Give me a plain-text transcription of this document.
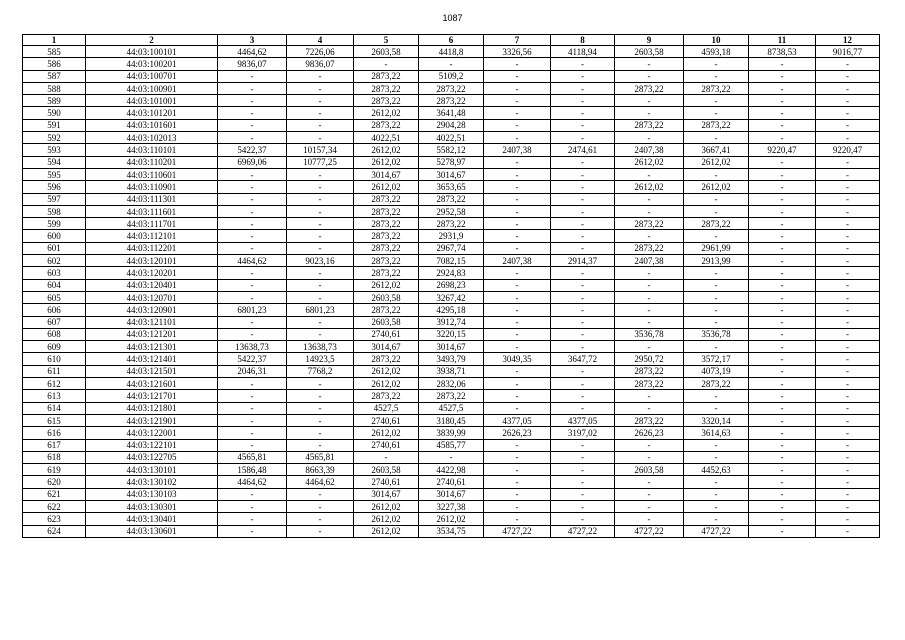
1087
1	2	3	4	5	6	7	8	9	10	11	12
585	44:03:100101	4464,62	7226,06	2603,58	4418,8	3326,56	4118,94	2603,58	4593,18	8738,53	9016,77
586	44:03:100201	9836,07	9836,07	-	-	-	-	-	-	-	-
587	44:03:100701	-	-	2873,22	5109,2	-	-	-	-	-	-
588	44:03:100901	-	-	2873,22	2873,22	-	-	2873,22	2873,22	-	-
589	44:03:101001	-	-	2873,22	2873,22	-	-	-	-	-	-
590	44:03:101201	-	-	2612,02	3641,48	-	-	-	-	-	-
591	44:03:101601	-	-	2873,22	2904,28	-	-	2873,22	2873,22	-	-
592	44:03:102013	-	-	4022,51	4022,51	-	-	-	-	-	-
593	44:03:110101	5422,37	10157,34	2612,02	5582,12	2407,38	2474,61	2407,38	3667,41	9220,47	9220,47
594	44:03:110201	6969,06	10777,25	2612,02	5278,97	-	-	2612,02	2612,02	-	-
595	44:03:110601	-	-	3014,67	3014,67	-	-	-	-	-	-
596	44:03:110901	-	-	2612,02	3653,65	-	-	2612,02	2612,02	-	-
597	44:03:111301	-	-	2873,22	2873,22	-	-	-	-	-	-
598	44:03:111601	-	-	2873,22	2952,58	-	-	-	-	-	-
599	44:03:111701	-	-	2873,22	2873,22	-	-	2873,22	2873,22	-	-
600	44:03:112101	-	-	2873,22	2931,9	-	-	-	-	-	-
601	44:03:112201	-	-	2873,22	2967,74	-	-	2873,22	2961,99	-	-
602	44:03:120101	4464,62	9023,16	2873,22	7082,15	2407,38	2914,37	2407,38	2913,99	-	-
603	44:03:120201	-	-	2873,22	2924,83	-	-	-	-	-	-
604	44:03:120401	-	-	2612,02	2698,23	-	-	-	-	-	-
605	44:03:120701	-	-	2603,58	3267,42	-	-	-	-	-	-
606	44:03:120901	6801,23	6801,23	2873,22	4295,18	-	-	-	-	-	-
607	44:03:121101	-	-	2603,58	3912,74	-	-	-	-	-	-
608	44:03:121201	-	-	2740,61	3220,15	-	-	3536,78	3536,78	-	-
609	44:03:121301	13638,73	13638,73	3014,67	3014,67	-	-	-	-	-	-
610	44:03:121401	5422,37	14923,5	2873,22	3493,79	3049,35	3647,72	2950,72	3572,17	-	-
611	44:03:121501	2046,31	7768,2	2612,02	3938,71	-	-	2873,22	4073,19	-	-
612	44:03:121601	-	-	2612,02	2832,06	-	-	2873,22	2873,22	-	-
613	44:03:121701	-	-	2873,22	2873,22	-	-	-	-	-	-
614	44:03:121801	-	-	4527,5	4527,5	-	-	-	-	-	-
615	44:03:121901	-	-	2740,61	3180,45	4377,05	4377,05	2873,22	3320,14	-	-
616	44:03:122001	-	-	2612,02	3839,99	2626,23	3197,02	2626,23	3614,63	-	-
617	44:03:122101	-	-	2740,61	4585,77	-	-	-	-	-	-
618	44:03:122705	4565,81	4565,81	-	-	-	-	-	-	-	-
619	44:03:130101	1586,48	8663,39	2603,58	4422,98	-	-	2603,58	4452,63	-	-
620	44:03:130102	4464,62	4464,62	2740,61	2740,61	-	-	-	-	-	-
621	44:03:130103	-	-	3014,67	3014,67	-	-	-	-	-	-
622	44:03:130301	-	-	2612,02	3227,38	-	-	-	-	-	-
623	44:03:130401	-	-	2612,02	2612,02	-	-	-	-	-	-
624	44:03:130601	-	-	2612,02	3534,75	4727,22	4727,22	4727,22	4727,22	-	-
